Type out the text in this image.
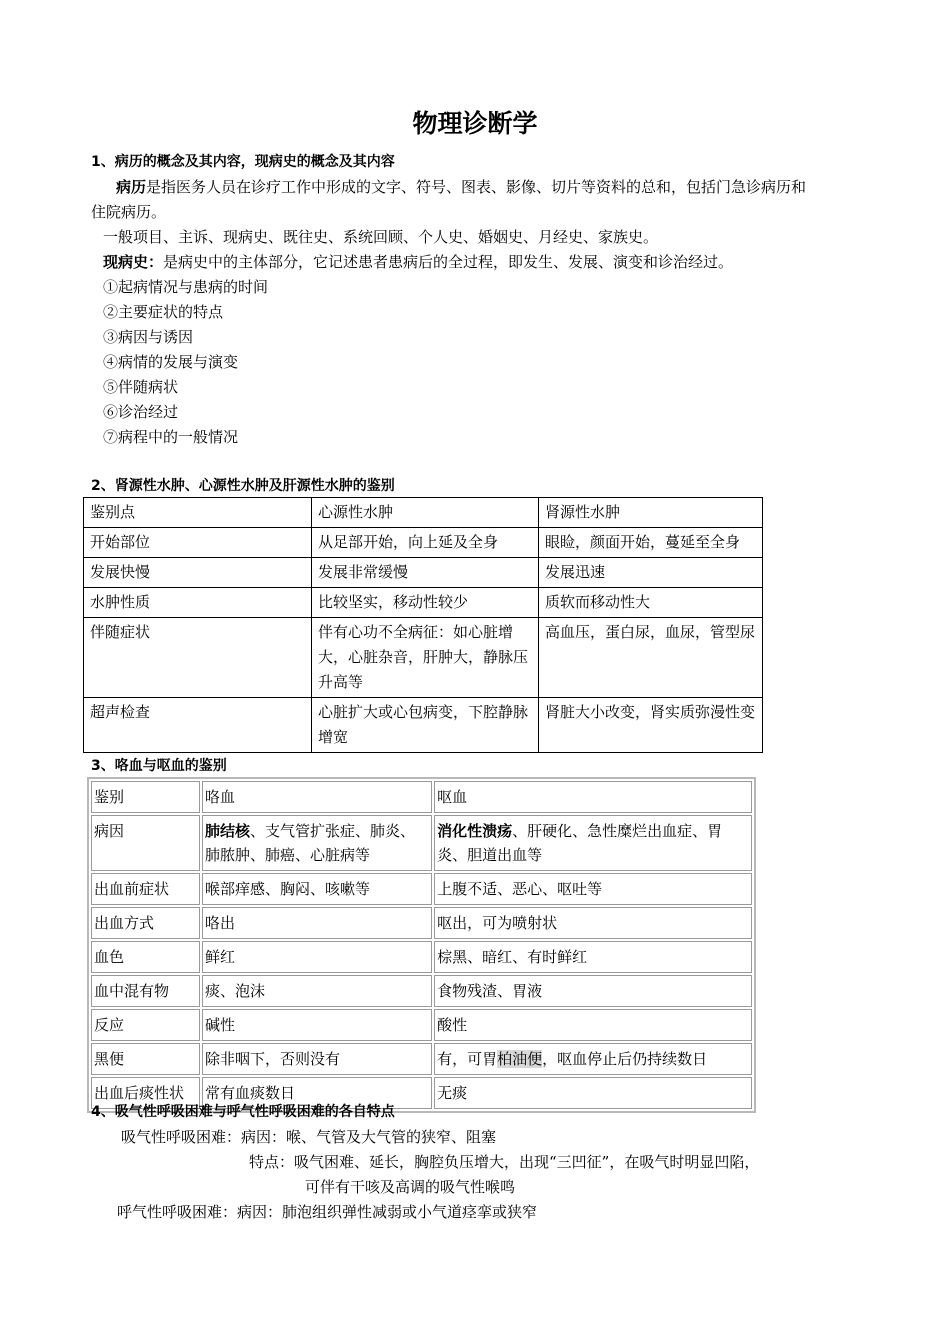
物理诊断学
1、病历的概念及其内容，现病史的概念及其内容
病历是指医务人员在诊疗工作中形成的文字、符号、图表、影像、切片等资料的总和，包括门急诊病历和
住院病历。
一般项目、主诉、现病史、既往史、系统回顾、个人史、婚姻史、月经史、家族史。
现病史：是病史中的主体部分，它记述患者患病后的全过程，即发生、发展、演变和诊治经过。
①起病情况与患病的时间
②主要症状的特点
③病因与诱因
④病情的发展与演变
⑤伴随病状
⑥诊治经过
⑦病程中的一般情况
2、肾源性水肿、心源性水肿及肝源性水肿的鉴别
鉴别点	心源性水肿	肾源性水肿
开始部位	从足部开始，向上延及全身	眼睑，颜面开始，蔓延至全身
发展快慢	发展非常缓慢	发展迅速
水肿性质	比较坚实，移动性较少	质软而移动性大
伴随症状	伴有心功不全病征：如心脏增大，心脏杂音，肝肿大，静脉压升高等	高血压，蛋白尿，血尿，管型尿
超声检查	心脏扩大或心包病变，下腔静脉增宽	肾脏大小改变，肾实质弥漫性变
3、咯血与呕血的鉴别
鉴别	咯血	呕血
病因	肺结核、支气管扩张症、肺炎、肺脓肿、肺癌、心脏病等	消化性溃疡、肝硬化、急性糜烂出血症、胃炎、胆道出血等
出血前症状	喉部痒感、胸闷、咳嗽等	上腹不适、恶心、呕吐等
出血方式	咯出	呕出，可为喷射状
血色	鲜红	棕黑、暗红、有时鲜红
血中混有物	痰、泡沫	食物残渣、胃液
反应	碱性	酸性
黑便	除非咽下，否则没有	有，可胃柏油便，呕血停止后仍持续数日
出血后痰性状	常有血痰数日	无痰
4、吸气性呼吸困难与呼气性呼吸困难的各自特点
吸气性呼吸困难：病因：喉、气管及大气管的狭窄、阻塞
特点：吸气困难、延长，胸腔负压增大，出现“三凹征”，在吸气时明显凹陷，
可伴有干咳及高调的吸气性喉鸣
呼气性呼吸困难：病因：肺泡组织弹性减弱或小气道痉挛或狭窄
